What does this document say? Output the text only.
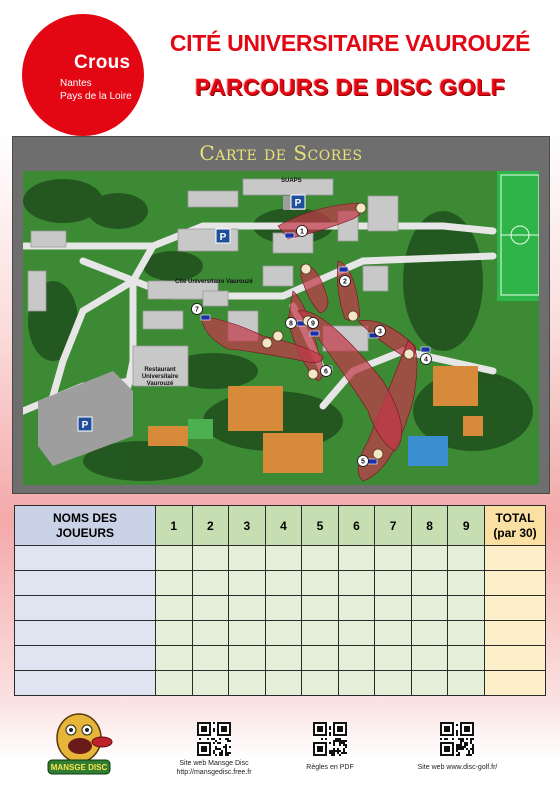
Crous
Nantes
Pays de la Loire
CITÉ UNIVERSITAIRE VAUROUZÉ
PARCOURS DE DISC GOLF
Carte de Scores
1
2
3
4
5
6
7
8	9
P
P
P
SUAPS
Cité Universitaire Vaurouzé
Restaurant
Universitaire
Vaurouzé
NOMS DES
JOUEURS	1	2	3	4	5	6	7	8	9	TOTAL
(par 30)

MANSGE DISC	Site web Mansge Disc
http://mansgedisc.free.fr
Règles en PDF	Site web www.disc-golf.fr/
